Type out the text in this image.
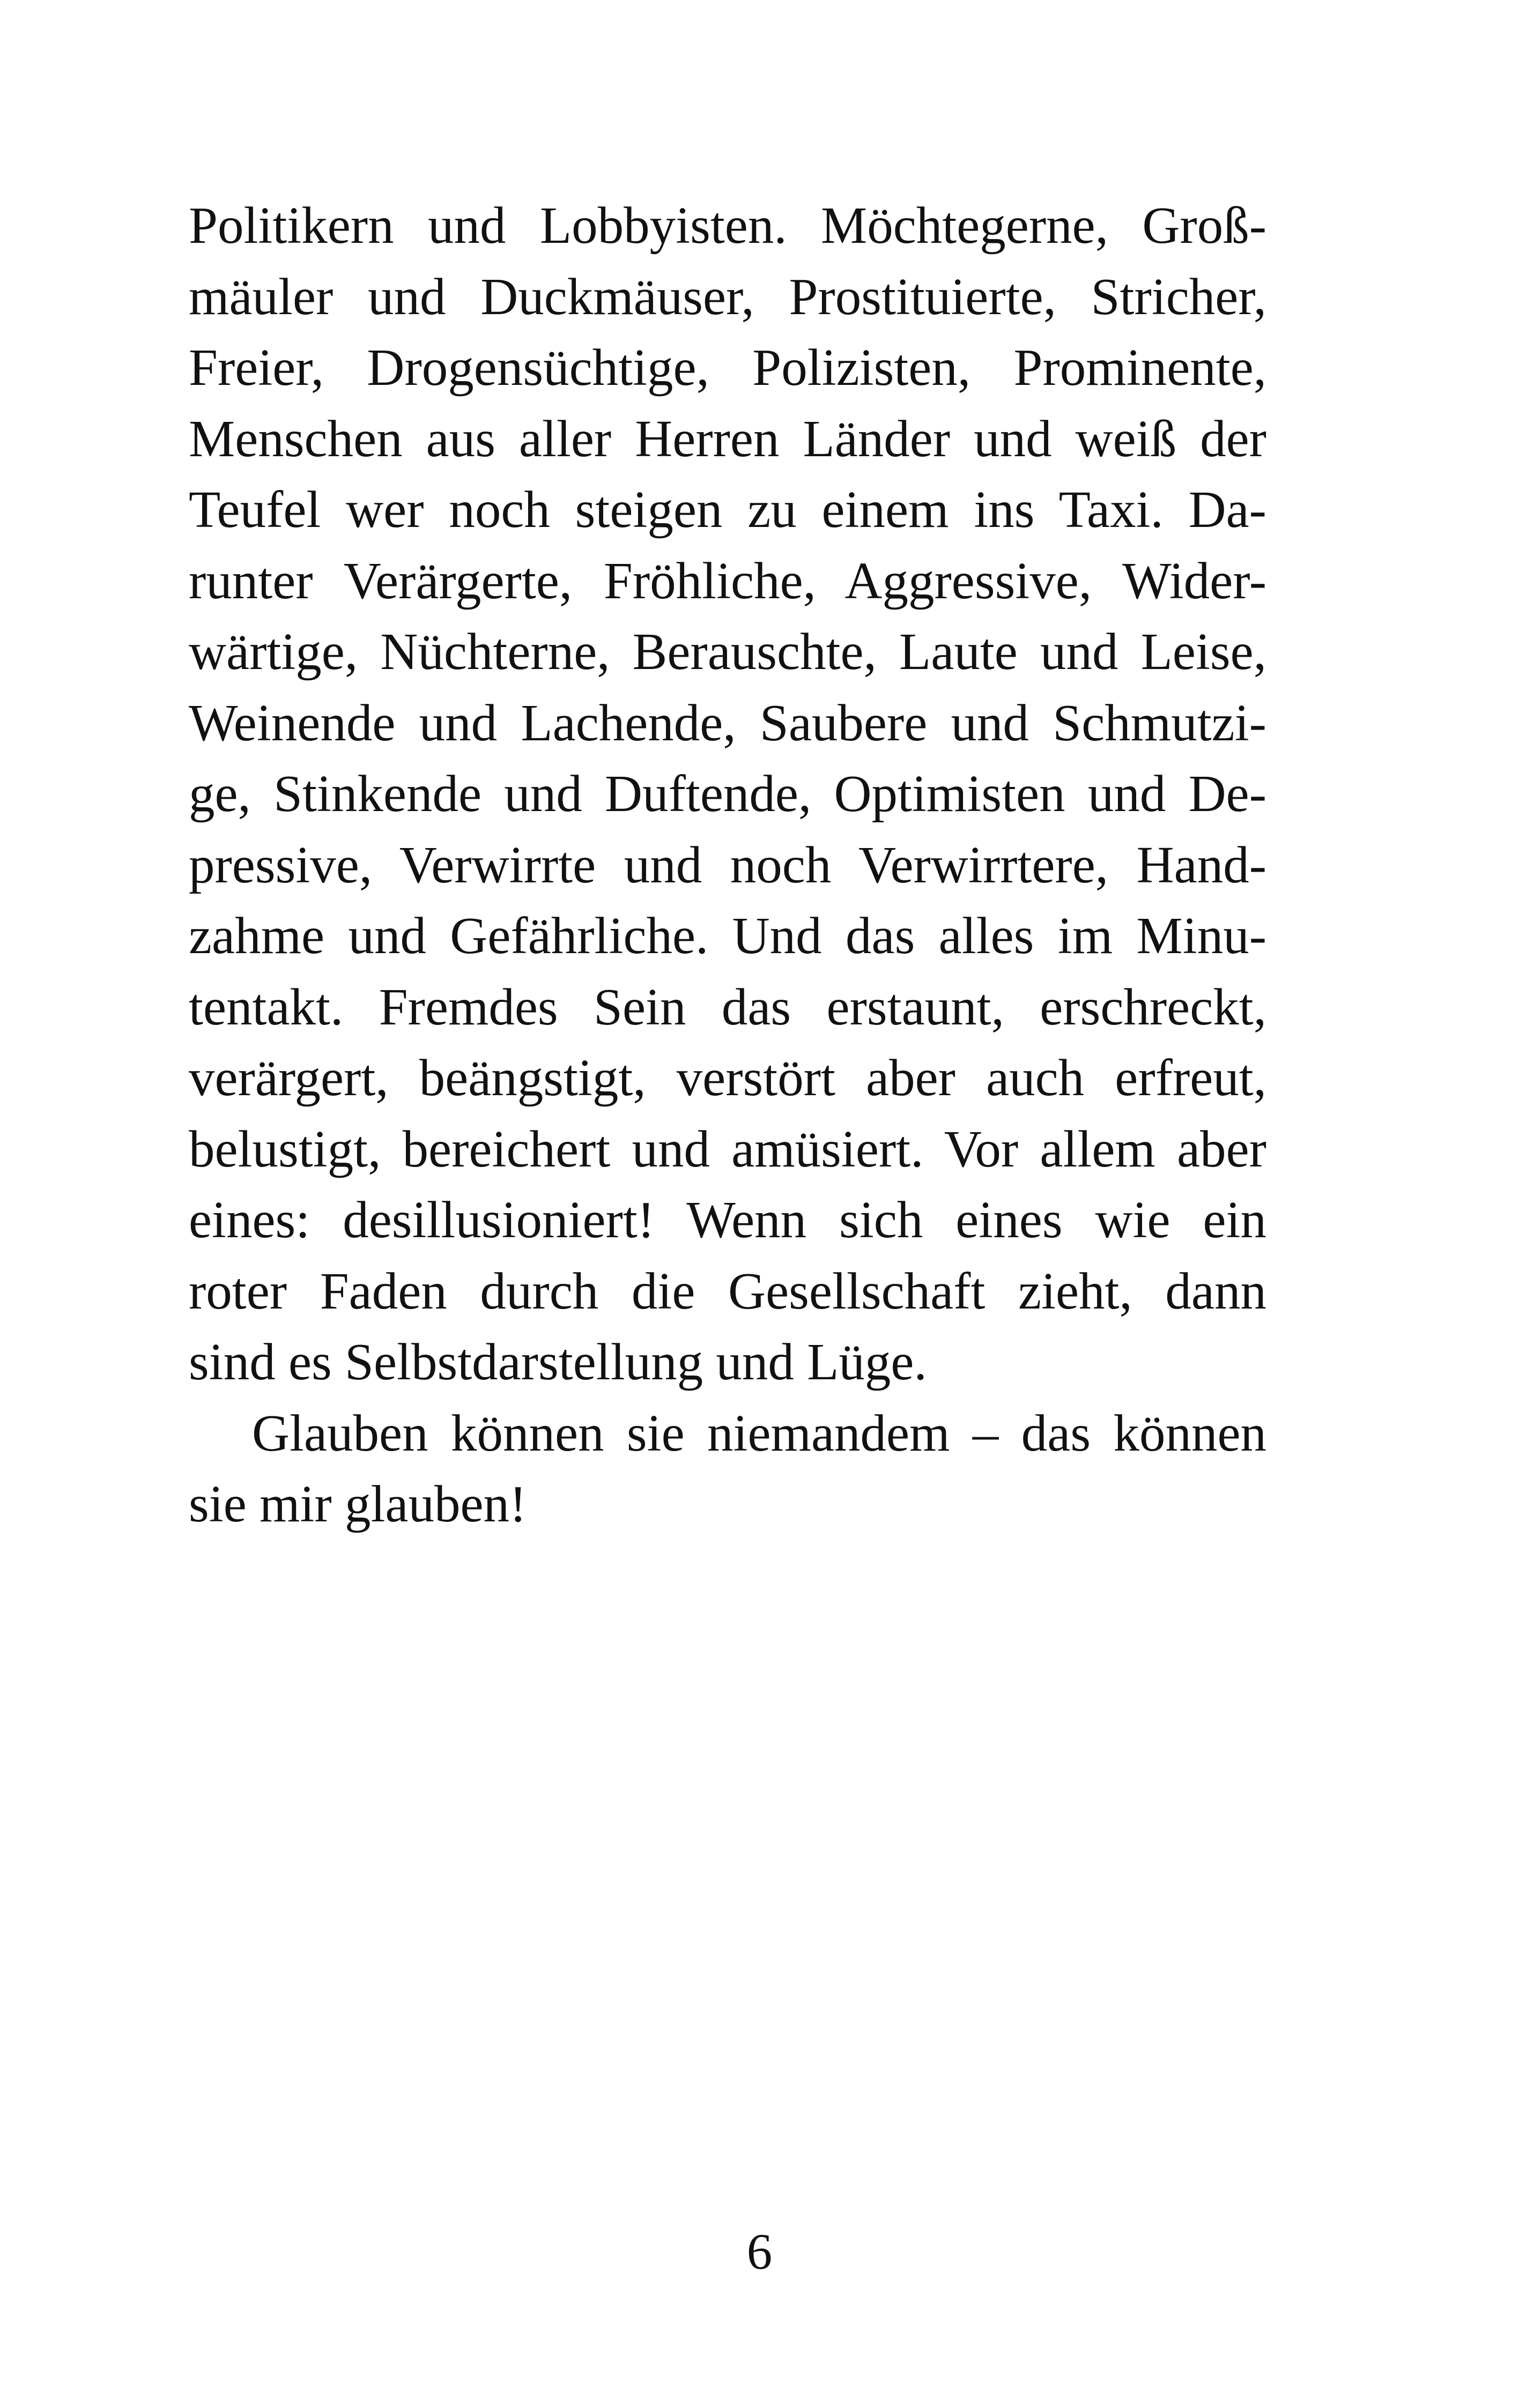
Politikern und Lobbyisten. Möchtegerne, Groß-
mäuler und Duckmäuser, Prostituierte, Stricher,
Freier, Drogensüchtige, Polizisten, Prominente,
Menschen aus aller Herren Länder und weiß der
Teufel wer noch steigen zu einem ins Taxi. Da-
runter Verärgerte, Fröhliche, Aggressive, Wider-
wärtige, Nüchterne, Berauschte, Laute und Leise,
Weinende und Lachende, Saubere und Schmutzi-
ge, Stinkende und Duftende, Optimisten und De-
pressive, Verwirrte und noch Verwirrtere, Hand-
zahme und Gefährliche. Und das alles im Minu-
tentakt. Fremdes Sein das erstaunt, erschreckt,
verärgert, beängstigt, verstört aber auch erfreut,
belustigt, bereichert und amüsiert. Vor allem aber
eines: desillusioniert! Wenn sich eines wie ein
roter Faden durch die Gesellschaft zieht, dann
sind es Selbstdarstellung und Lüge.
Glauben können sie niemandem – das können
sie mir glauben!
6
